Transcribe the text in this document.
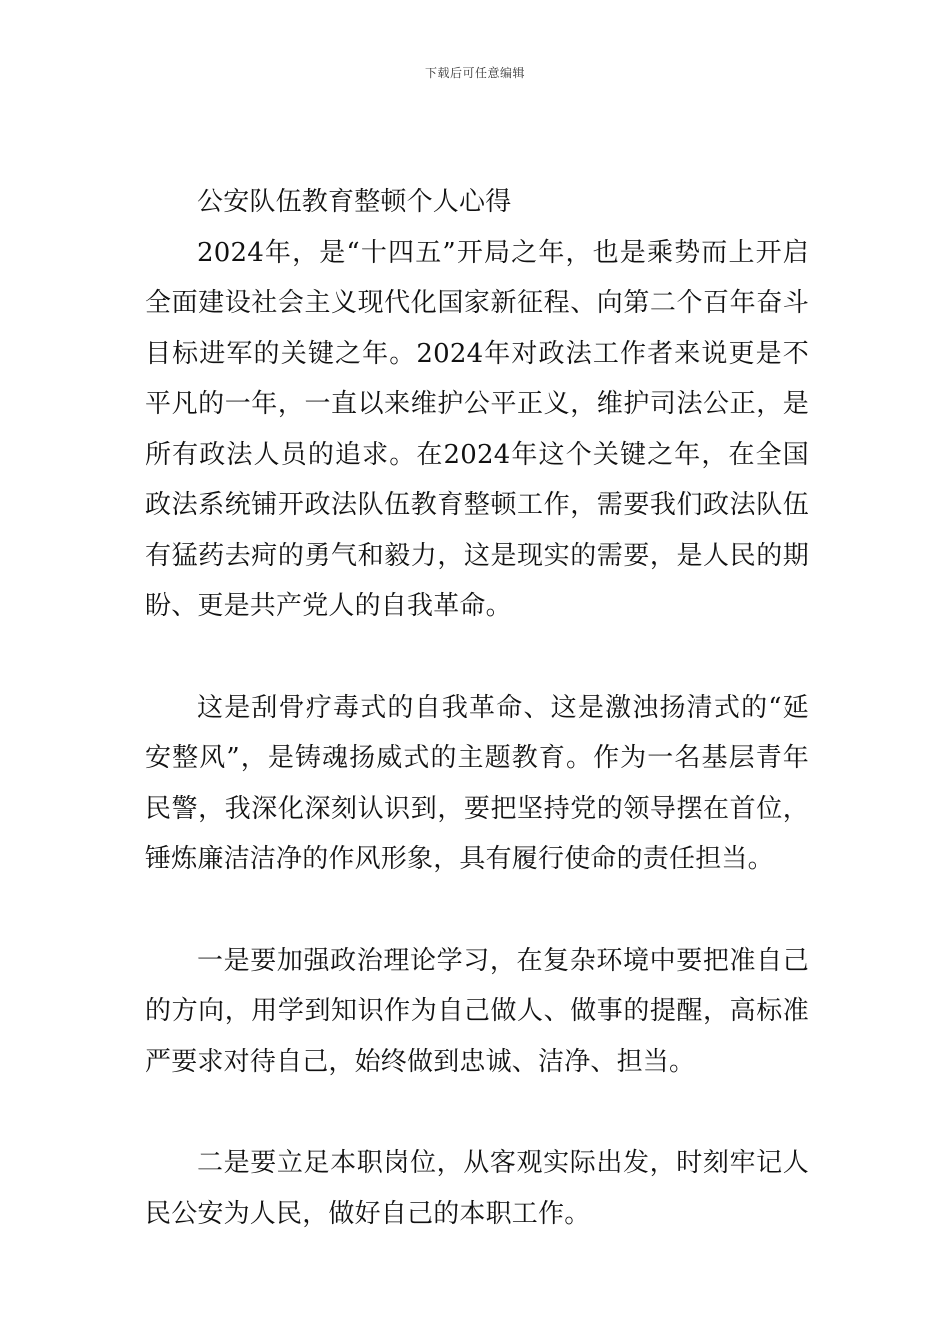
下载后可任意编辑

公安队伍教育整顿个人心得

2024年，是“十四五”开局之年，也是乘势而上开启全面建设社会主义现代化国家新征程、向第二个百年奋斗目标进军的关键之年。2024年对政法工作者来说更是不平凡的一年，一直以来维护公平正义，维护司法公正，是所有政法人员的追求。在2024年这个关键之年，在全国政法系统铺开政法队伍教育整顿工作，需要我们政法队伍有猛药去疴的勇气和毅力，这是现实的需要，是人民的期盼、更是共产党人的自我革命。

这是刮骨疗毒式的自我革命、这是激浊扬清式的“延安整风”，是铸魂扬威式的主题教育。作为一名基层青年民警，我深化深刻认识到，要把坚持党的领导摆在首位，锤炼廉洁洁净的作风形象，具有履行使命的责任担当。

一是要加强政治理论学习，在复杂环境中要把准自己的方向，用学到知识作为自己做人、做事的提醒，高标准严要求对待自己，始终做到忠诚、洁净、担当。

二是要立足本职岗位，从客观实际出发，时刻牢记人民公安为人民，做好自己的本职工作。
